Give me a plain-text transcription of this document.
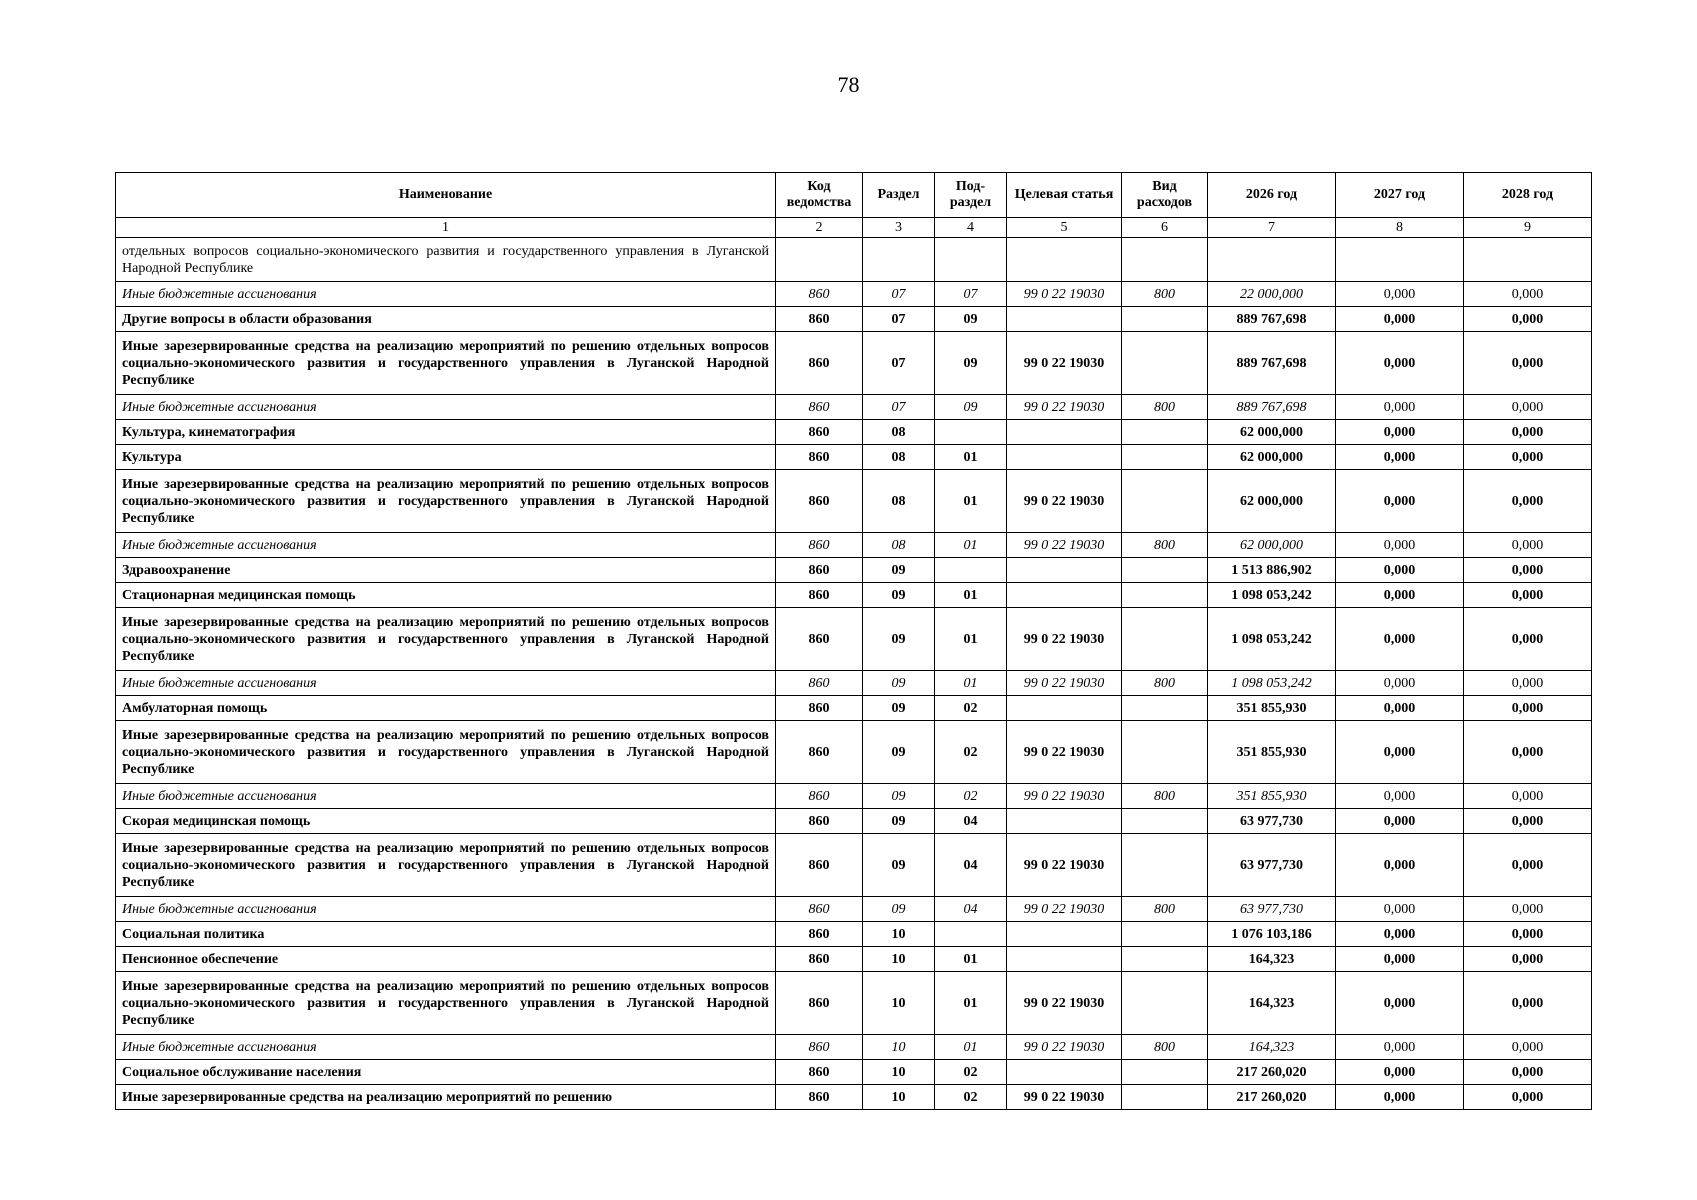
78
Наименование	Код ведомства	Раздел	Под-раздел	Целевая статья	Вид расходов	2026 год	2027 год	2028 год
1	2	3	4	5	6	7	8	9
отдельных вопросов социально-экономического развития и государственного управления в Луганской Народной Республике								
Иные бюджетные ассигнования	860	07	07	99 0 22 19030	800	22 000,000	0,000	0,000
Другие вопросы в области образования	860	07	09			889 767,698	0,000	0,000
Иные зарезервированные средства на реализацию мероприятий по решению отдельных вопросов социально-экономического развития и государственного управления в Луганской Народной Республике	860	07	09	99 0 22 19030		889 767,698	0,000	0,000
Иные бюджетные ассигнования	860	07	09	99 0 22 19030	800	889 767,698	0,000	0,000
Культура, кинематография	860	08				62 000,000	0,000	0,000
Культура	860	08	01			62 000,000	0,000	0,000
Иные зарезервированные средства на реализацию мероприятий по решению отдельных вопросов социально-экономического развития и государственного управления в Луганской Народной Республике	860	08	01	99 0 22 19030		62 000,000	0,000	0,000
Иные бюджетные ассигнования	860	08	01	99 0 22 19030	800	62 000,000	0,000	0,000
Здравоохранение	860	09				1 513 886,902	0,000	0,000
Стационарная медицинская помощь	860	09	01			1 098 053,242	0,000	0,000
Иные зарезервированные средства на реализацию мероприятий по решению отдельных вопросов социально-экономического развития и государственного управления в Луганской Народной Республике	860	09	01	99 0 22 19030		1 098 053,242	0,000	0,000
Иные бюджетные ассигнования	860	09	01	99 0 22 19030	800	1 098 053,242	0,000	0,000
Амбулаторная помощь	860	09	02			351 855,930	0,000	0,000
Иные зарезервированные средства на реализацию мероприятий по решению отдельных вопросов социально-экономического развития и государственного управления в Луганской Народной Республике	860	09	02	99 0 22 19030		351 855,930	0,000	0,000
Иные бюджетные ассигнования	860	09	02	99 0 22 19030	800	351 855,930	0,000	0,000
Скорая медицинская помощь	860	09	04			63 977,730	0,000	0,000
Иные зарезервированные средства на реализацию мероприятий по решению отдельных вопросов социально-экономического развития и государственного управления в Луганской Народной Республике	860	09	04	99 0 22 19030		63 977,730	0,000	0,000
Иные бюджетные ассигнования	860	09	04	99 0 22 19030	800	63 977,730	0,000	0,000
Социальная политика	860	10				1 076 103,186	0,000	0,000
Пенсионное обеспечение	860	10	01			164,323	0,000	0,000
Иные зарезервированные средства на реализацию мероприятий по решению отдельных вопросов социально-экономического развития и государственного управления в Луганской Народной Республике	860	10	01	99 0 22 19030		164,323	0,000	0,000
Иные бюджетные ассигнования	860	10	01	99 0 22 19030	800	164,323	0,000	0,000
Социальное обслуживание населения	860	10	02			217 260,020	0,000	0,000
Иные зарезервированные средства на реализацию мероприятий по решению	860	10	02	99 0 22 19030		217 260,020	0,000	0,000
